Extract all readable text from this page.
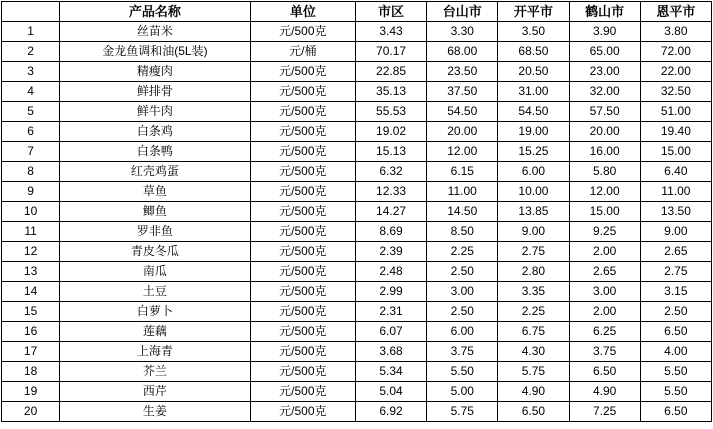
	产品名称	单位	市区	台山市	开平市	鹤山市	恩平市
1	丝苗米	元/500克	3.43	3.30	3.50	3.90	3.80
2	金龙鱼调和油(5L装)	元/桶	70.17	68.00	68.50	65.00	72.00
3	精瘦肉	元/500克	22.85	23.50	20.50	23.00	22.00
4	鲜排骨	元/500克	35.13	37.50	31.00	32.00	32.50
5	鲜牛肉	元/500克	55.53	54.50	54.50	57.50	51.00
6	白条鸡	元/500克	19.02	20.00	19.00	20.00	19.40
7	白条鸭	元/500克	15.13	12.00	15.25	16.00	15.00
8	红壳鸡蛋	元/500克	6.32	6.15	6.00	5.80	6.40
9	草鱼	元/500克	12.33	11.00	10.00	12.00	11.00
10	鲫鱼	元/500克	14.27	14.50	13.85	15.00	13.50
11	罗非鱼	元/500克	8.69	8.50	9.00	9.25	9.00
12	青皮冬瓜	元/500克	2.39	2.25	2.75	2.00	2.65
13	南瓜	元/500克	2.48	2.50	2.80	2.65	2.75
14	土豆	元/500克	2.99	3.00	3.35	3.00	3.15
15	白萝卜	元/500克	2.31	2.50	2.25	2.00	2.50
16	莲藕	元/500克	6.07	6.00	6.75	6.25	6.50
17	上海青	元/500克	3.68	3.75	4.30	3.75	4.00
18	芥兰	元/500克	5.34	5.50	5.75	6.50	5.50
19	西芹	元/500克	5.04	5.00	4.90	4.90	5.50
20	生姜	元/500克	6.92	5.75	6.50	7.25	6.50
